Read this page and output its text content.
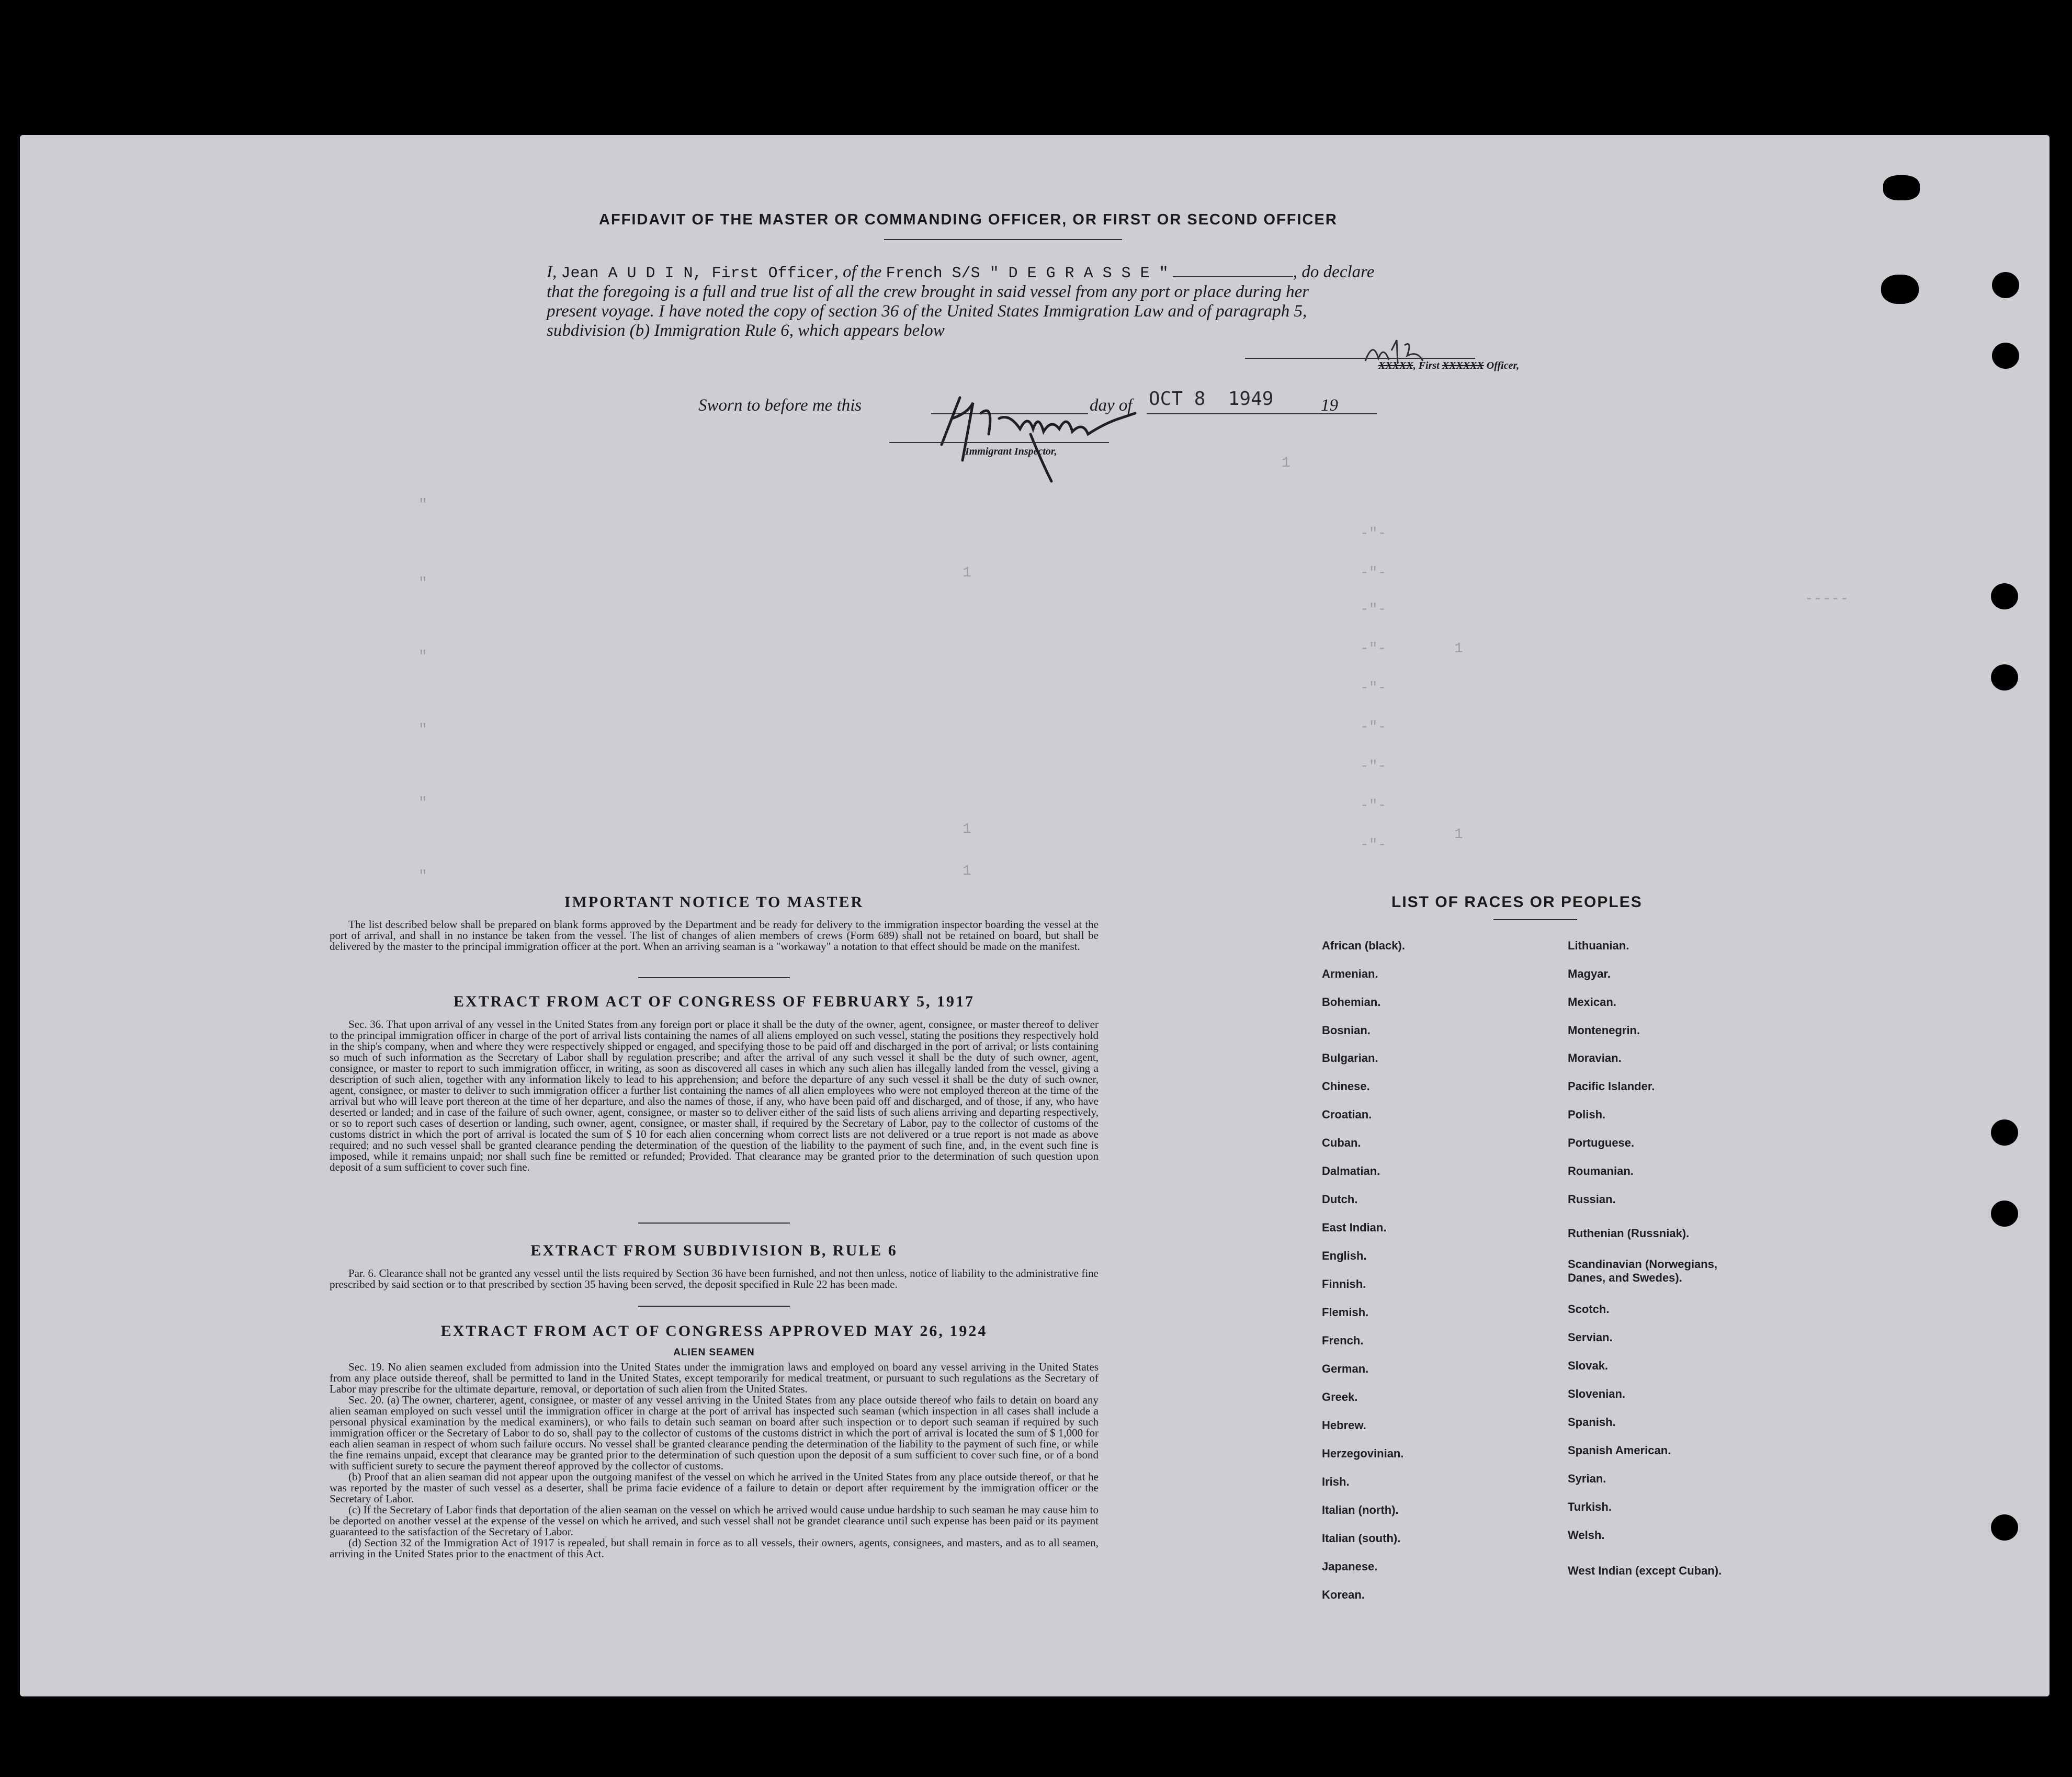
1
-"-
-"-
-"-
-"-
-"-
-"-
-"-
-"-
-"-
"
"
"
"
"
"
1
1
1
1
1
-----
AFFIDAVIT OF THE MASTER OR COMMANDING OFFICER, OR FIRST OR SECOND OFFICER
I, Jean A U D I N, First Officer, of the French S/S " D E G R A S S E "	, do declare
that the foregoing is a full and true list of all the crew brought in said vessel from any port or place during her
present voyage. I have noted the copy of section 36 of the United States Immigration Law and of paragraph 5,
subdivision (b) Immigration Rule 6, which appears below
XXXXX, First XXXXXX Officer,
Sworn to before me this	day of OCT 8  1949	19
Immigrant Inspector,
IMPORTANT NOTICE TO MASTER

The list described below shall be prepared on blank forms approved by the Department and be ready for delivery to the immigration inspector boarding the vessel at the port of arrival, and shall in no instance be taken from the vessel. The list of changes of alien members of crews (Form 689) shall not be retained on board, but shall be delivered by the master to the principal immigration officer at the port. When an arriving seaman is a "workaway" a notation to that effect should be made on the manifest.

EXTRACT FROM ACT OF CONGRESS OF FEBRUARY 5, 1917

Sec. 36. That upon arrival of any vessel in the United States from any foreign port or place it shall be the duty of the owner, agent, consignee, or master thereof to deliver to the principal immigration officer in charge of the port of arrival lists containing the names of all aliens employed on such vessel, stating the positions they respectively hold in the ship's company, when and where they were respectively shipped or engaged, and specifying those to be paid off and discharged in the port of arrival; or lists containing so much of such information as the Secretary of Labor shall by regulation prescribe; and after the arrival of any such vessel it shall be the duty of such owner, agent, consignee, or master to report to such immigration officer, in writing, as soon as discovered all cases in which any such alien has illegally landed from the vessel, giving a description of such alien, together with any information likely to lead to his apprehension; and before the departure of any such vessel it shall be the duty of such owner, agent, consignee, or master to deliver to such immigration officer a further list containing the names of all alien employees who were not employed thereon at the time of the arrival but who will leave port thereon at the time of her departure, and also the names of those, if any, who have been paid off and discharged, and of those, if any, who have deserted or landed; and in case of the failure of such owner, agent, consignee, or master so to deliver either of the said lists of such aliens arriving and departing respectively, or so to report such cases of desertion or landing, such owner, agent, consignee, or master shall, if required by the Secretary of Labor, pay to the collector of customs of the customs district in which the port of arrival is located the sum of $ 10 for each alien concerning whom correct lists are not delivered or a true report is not made as above required; and no such vessel shall be granted clearance pending the determination of the question of the liability to the payment of such fine, and, in the event such fine is imposed, while it remains unpaid; nor shall such fine be remitted or refunded; Provided. That clearance may be granted prior to the determination of such question upon deposit of a sum sufficient to cover such fine.

EXTRACT FROM SUBDIVISION B, RULE 6

Par. 6. Clearance shall not be granted any vessel until the lists required by Section 36 have been furnished, and not then unless, notice of liability to the administrative fine prescribed by said section or to that prescribed by section 35 having been served, the deposit specified in Rule 22 has been made.

EXTRACT FROM ACT OF CONGRESS APPROVED MAY 26, 1924
ALIEN SEAMEN

Sec. 19. No alien seamen excluded from admission into the United States under the immigration laws and employed on board any vessel arriving in the United States from any place outside thereof, shall be permitted to land in the United States, except temporarily for medical treatment, or pursuant to such regulations as the Secretary of Labor may prescribe for the ultimate departure, removal, or deportation of such alien from the United States.

Sec. 20. (a) The owner, charterer, agent, consignee, or master of any vessel arriving in the United States from any place outside thereof who fails to detain on board any alien seaman employed on such vessel until the immigration officer in charge at the port of arrival has inspected such seaman (which inspection in all cases shall include a personal physical examination by the medical examiners), or who fails to detain such seaman on board after such inspection or to deport such seaman if required by such immigration officer or the Secretary of Labor to do so, shall pay to the collector of customs of the customs district in which the port of arrival is located the sum of $ 1,000 for each alien seaman in respect of whom such failure occurs. No vessel shall be granted clearance pending the determination of the liability to the payment of such fine, or while the fine remains unpaid, except that clearance may be granted prior to the determination of such question upon the deposit of a sum sufficient to cover such fine, or of a bond with sufficient surety to secure the payment thereof approved by the collector of customs.

(b) Proof that an alien seaman did not appear upon the outgoing manifest of the vessel on which he arrived in the United States from any place outside thereof, or that he was reported by the master of such vessel as a deserter, shall be prima facie evidence of a failure to detain or deport after requirement by the immigration officer or the Secretary of Labor.

(c) If the Secretary of Labor finds that deportation of the alien seaman on the vessel on which he arrived would cause undue hardship to such seaman he may cause him to be deported on another vessel at the expense of the vessel on which he arrived, and such vessel shall not be grandet clearance until such expense has been paid or its payment guaranteed to the satisfaction of the Secretary of Labor.

(d) Section 32 of the Immigration Act of 1917 is repealed, but shall remain in force as to all vessels, their owners, agents, consignees, and masters, and as to all seamen, arriving in the United States prior to the enactment of this Act.

LIST OF RACES OR PEOPLES
African (black).
Armenian.
Bohemian.
Bosnian.
Bulgarian.
Chinese.
Croatian.
Cuban.
Dalmatian.
Dutch.
East Indian.
English.
Finnish.
Flemish.
French.
German.
Greek.
Hebrew.
Herzegovinian.
Irish.
Italian (north).
Italian (south).
Japanese.
Korean.
Lithuanian.
Magyar.
Mexican.
Montenegrin.
Moravian.
Pacific Islander.
Polish.
Portuguese.
Roumanian.
Russian.
Ruthenian (Russniak).
Scandinavian (Norwegians, Danes, and Swedes).
Scotch.
Servian.
Slovak.
Slovenian.
Spanish.
Spanish American.
Syrian.
Turkish.
Welsh.
West Indian (except Cuban).
